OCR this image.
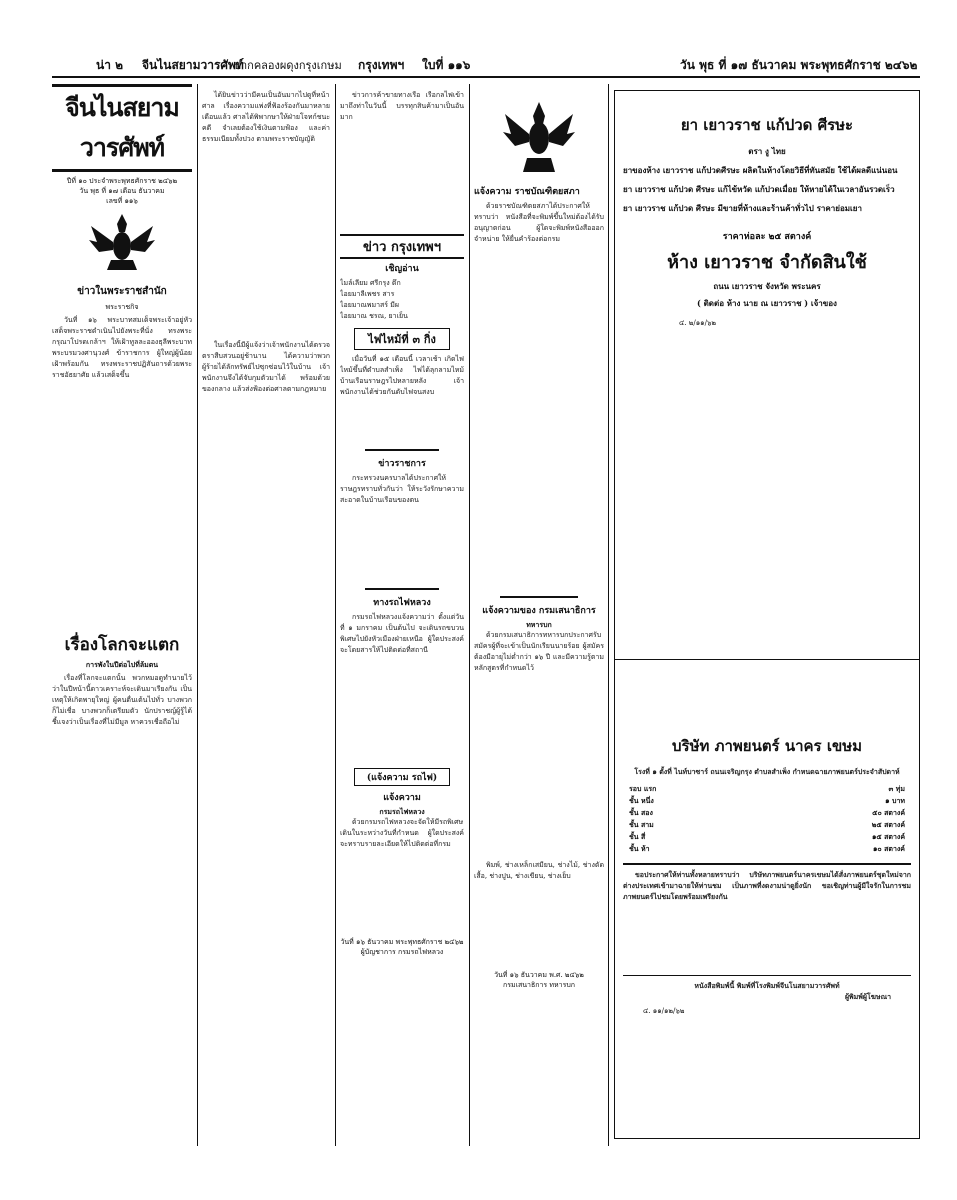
น่า ๒ จีนไนสยามวารศัพท์
ปากคลองผดุงกรุงเกษม กรุงเทพฯ ใบที่ ๑๑๖	วัน พุธ ที่ ๑๗ ธันวาคม พระพุทธศักราช ๒๔๖๒
จีนไนสยามวารศัพท์
ปีที่ ๑๐ ประจำพระพุทธศักราช ๒๔๖๒
วัน พุธ ที่ ๑๗ เดือน ธันวาคม
เลขที่ ๑๑๖
ข่าวในพระราชสำนัก
พระราชกิจ

วันที่ ๑๖ พระบาทสมเด็จพระเจ้าอยู่หัว เสด็จพระราชดำเนินไปยังพระที่นั่ง ทรงพระกรุณาโปรดเกล้าฯ ให้เฝ้าทูลละอองธุลีพระบาท พระบรมวงศานุวงศ์ ข้าราชการ ผู้ใหญ่ผู้น้อยเฝ้าพร้อมกัน ทรงพระราชปฏิสันถารด้วยพระราชอัธยาศัย แล้วเสด็จขึ้น

เรื่องโลกจะแตก
การพังในปีต่อไปที่ล้มตน

เรื่องที่โลกจะแตกนั้น พวกหมอดูทำนายไว้ว่าในปีหน้านี้ดาวเคราะห์จะเดินมาเรียงกัน เป็นเหตุให้เกิดพายุใหญ่ ผู้คนตื่นเต้นไปทั่ว บางพวกก็ไม่เชื่อ บางพวกก็เตรียมตัว นักปราชญ์ผู้รู้ได้ชี้แจงว่าเป็นเรื่องที่ไม่มีมูล หาควรเชื่อถือไม่

ได้ยินข่าวว่ามีคนเป็นอันมากไปดูที่หน้าศาล เรื่องความแพ่งที่ฟ้องร้องกันมาหลายเดือนแล้ว ศาลได้พิพากษาให้ฝ่ายโจทก์ชนะคดี จำเลยต้องใช้เงินตามฟ้อง และค่าธรรมเนียมทั้งปวง ตามพระราชบัญญัติ

ในเรื่องนี้มีผู้แจ้งว่าเจ้าพนักงานได้ตรวจตราสืบสวนอยู่ช้านาน ได้ความว่าพวกผู้ร้ายได้ลักทรัพย์ไปซุกซ่อนไว้ในบ้าน เจ้าพนักงานจึงได้จับกุมตัวมาได้ พร้อมด้วยของกลาง แล้วส่งฟ้องต่อศาลตามกฎหมาย

ข่าวการค้าขายทางเรือ เรือกลไฟเข้ามาถึงท่าในวันนี้ บรรทุกสินค้ามาเป็นอันมาก

ข่าว กรุงเทพฯ
เชิญอ่าน
ไมล์เลียม ศรีกรุง ตึก
ไอยมาลีเพชร สาร
ไอยมาณพมาสร์ มีผ
ไอยมาณ ชรณ, ยาเย็น
ไฟไหม้ที่ ๓ กิ่ง

เมื่อวันที่ ๑๕ เดือนนี้ เวลาเช้า เกิดไฟไหม้ขึ้นที่ตำบลสำเพ็ง ไฟได้ลุกลามไหม้บ้านเรือนราษฎรไปหลายหลัง เจ้าพนักงานได้ช่วยกันดับไฟจนสงบ

ข่าวราชการ

กระทรวงนครบาลได้ประกาศให้ราษฎรทราบทั่วกันว่า ให้ระวังรักษาความสะอาดในบ้านเรือนของตน

ทางรถไฟหลวง

กรมรถไฟหลวงแจ้งความว่า ตั้งแต่วันที่ ๑ มกราคม เป็นต้นไป จะเดินรถขบวนพิเศษไปยังหัวเมืองฝ่ายเหนือ ผู้ใดประสงค์จะโดยสารให้ไปติดต่อที่สถานี

(แจ้งความ รถไฟ)
แจ้งความ
กรมรถไฟหลวง

ด้วยกรมรถไฟหลวงจะจัดให้มีรถพิเศษเดินในระหว่างวันที่กำหนด ผู้ใดประสงค์จะทราบรายละเอียดให้ไปติดต่อที่กรม

วันที่ ๑๖ ธันวาคม พระพุทธศักราช ๒๔๖๒
ผู้บัญชาการ กรมรถไฟหลวง
แจ้งความ ราชบัณฑิตยสภา

ด้วยราชบัณฑิตยสภาได้ประกาศให้ทราบว่า หนังสือที่จะพิมพ์ขึ้นใหม่ต้องได้รับอนุญาตก่อน ผู้ใดจะพิมพ์หนังสือออกจำหน่าย ให้ยื่นคำร้องต่อกรม

แจ้งความของ กรมเสนาธิการ
ทหารบก

ด้วยกรมเสนาธิการทหารบกประกาศรับสมัครผู้ที่จะเข้าเป็นนักเรียนนายร้อย ผู้สมัครต้องมีอายุไม่ต่ำกว่า ๑๖ ปี และมีความรู้ตามหลักสูตรที่กำหนดไว้

พิมพ์, ช่างเหล็กเสมียน, ช่างไม้, ช่างตัดเสื้อ, ช่างปูน, ช่างเขียน, ช่างเย็บ

วันที่ ๑๖ ธันวาคม พ.ศ. ๒๔๖๒
กรมเสนาธิการ ทหารบก
ยา เยาวราช แก้ปวด ศีรษะ
ตรา งู ไทย
ยาของห้าง เยาวราช แก้ปวดศีรษะ ผลิตในห้างโดยวิธีที่ทันสมัย ใช้ได้ผลดีแน่นอน
ยา เยาวราช แก้ปวด ศีรษะ แก้ไข้หวัด แก้ปวดเมื่อย ให้หายได้ในเวลาอันรวดเร็ว
ยา เยาวราช แก้ปวด ศีรษะ มีขายที่ห้างและร้านค้าทั่วไป ราคาย่อมเยา
ราคาห่อละ ๒๕ สตางค์
ห้าง เยาวราช จำกัดสินใช้
ถนน เยาวราช จังหวัด พระนคร
( ติดต่อ ห้าง นาย ณ เยาวราช ) เจ้าของ
๔. ๒/๑๑/๖๒
บริษัท ภาพยนตร์ นาคร เขษม
โรงที่ ๑ ตั้งที่ ไนท์บาซาร์ ถนนเจริญกรุง ตำบลสำเพ็ง กำหนดฉายภาพยนตร์ประจำสัปดาห์
รอบ แรก	๓ ทุ่ม
ชั้น หนึ่ง	๑ บาท
ชั้น สอง	๕๐ สตางค์
ชั้น สาม	๒๕ สตางค์
ชั้น สี่	๑๕ สตางค์
ชั้น ห้า	๑๐ สตางค์

ขอประกาศให้ท่านทั้งหลายทราบว่า บริษัทภาพยนตร์นาครเขษมได้สั่งภาพยนตร์ชุดใหม่จากต่างประเทศเข้ามาฉายให้ท่านชม เป็นภาพที่งดงามน่าดูยิ่งนัก ขอเชิญท่านผู้มีใจรักในการชมภาพยนตร์ไปชมโดยพร้อมเพรียงกัน

หนังสือพิมพ์นี้ พิมพ์ที่โรงพิมพ์จีนโนสยามวารศัพท์
ผู้พิมพ์ผู้โฆษณา
๔. ๑๑/๑๒/๖๒
